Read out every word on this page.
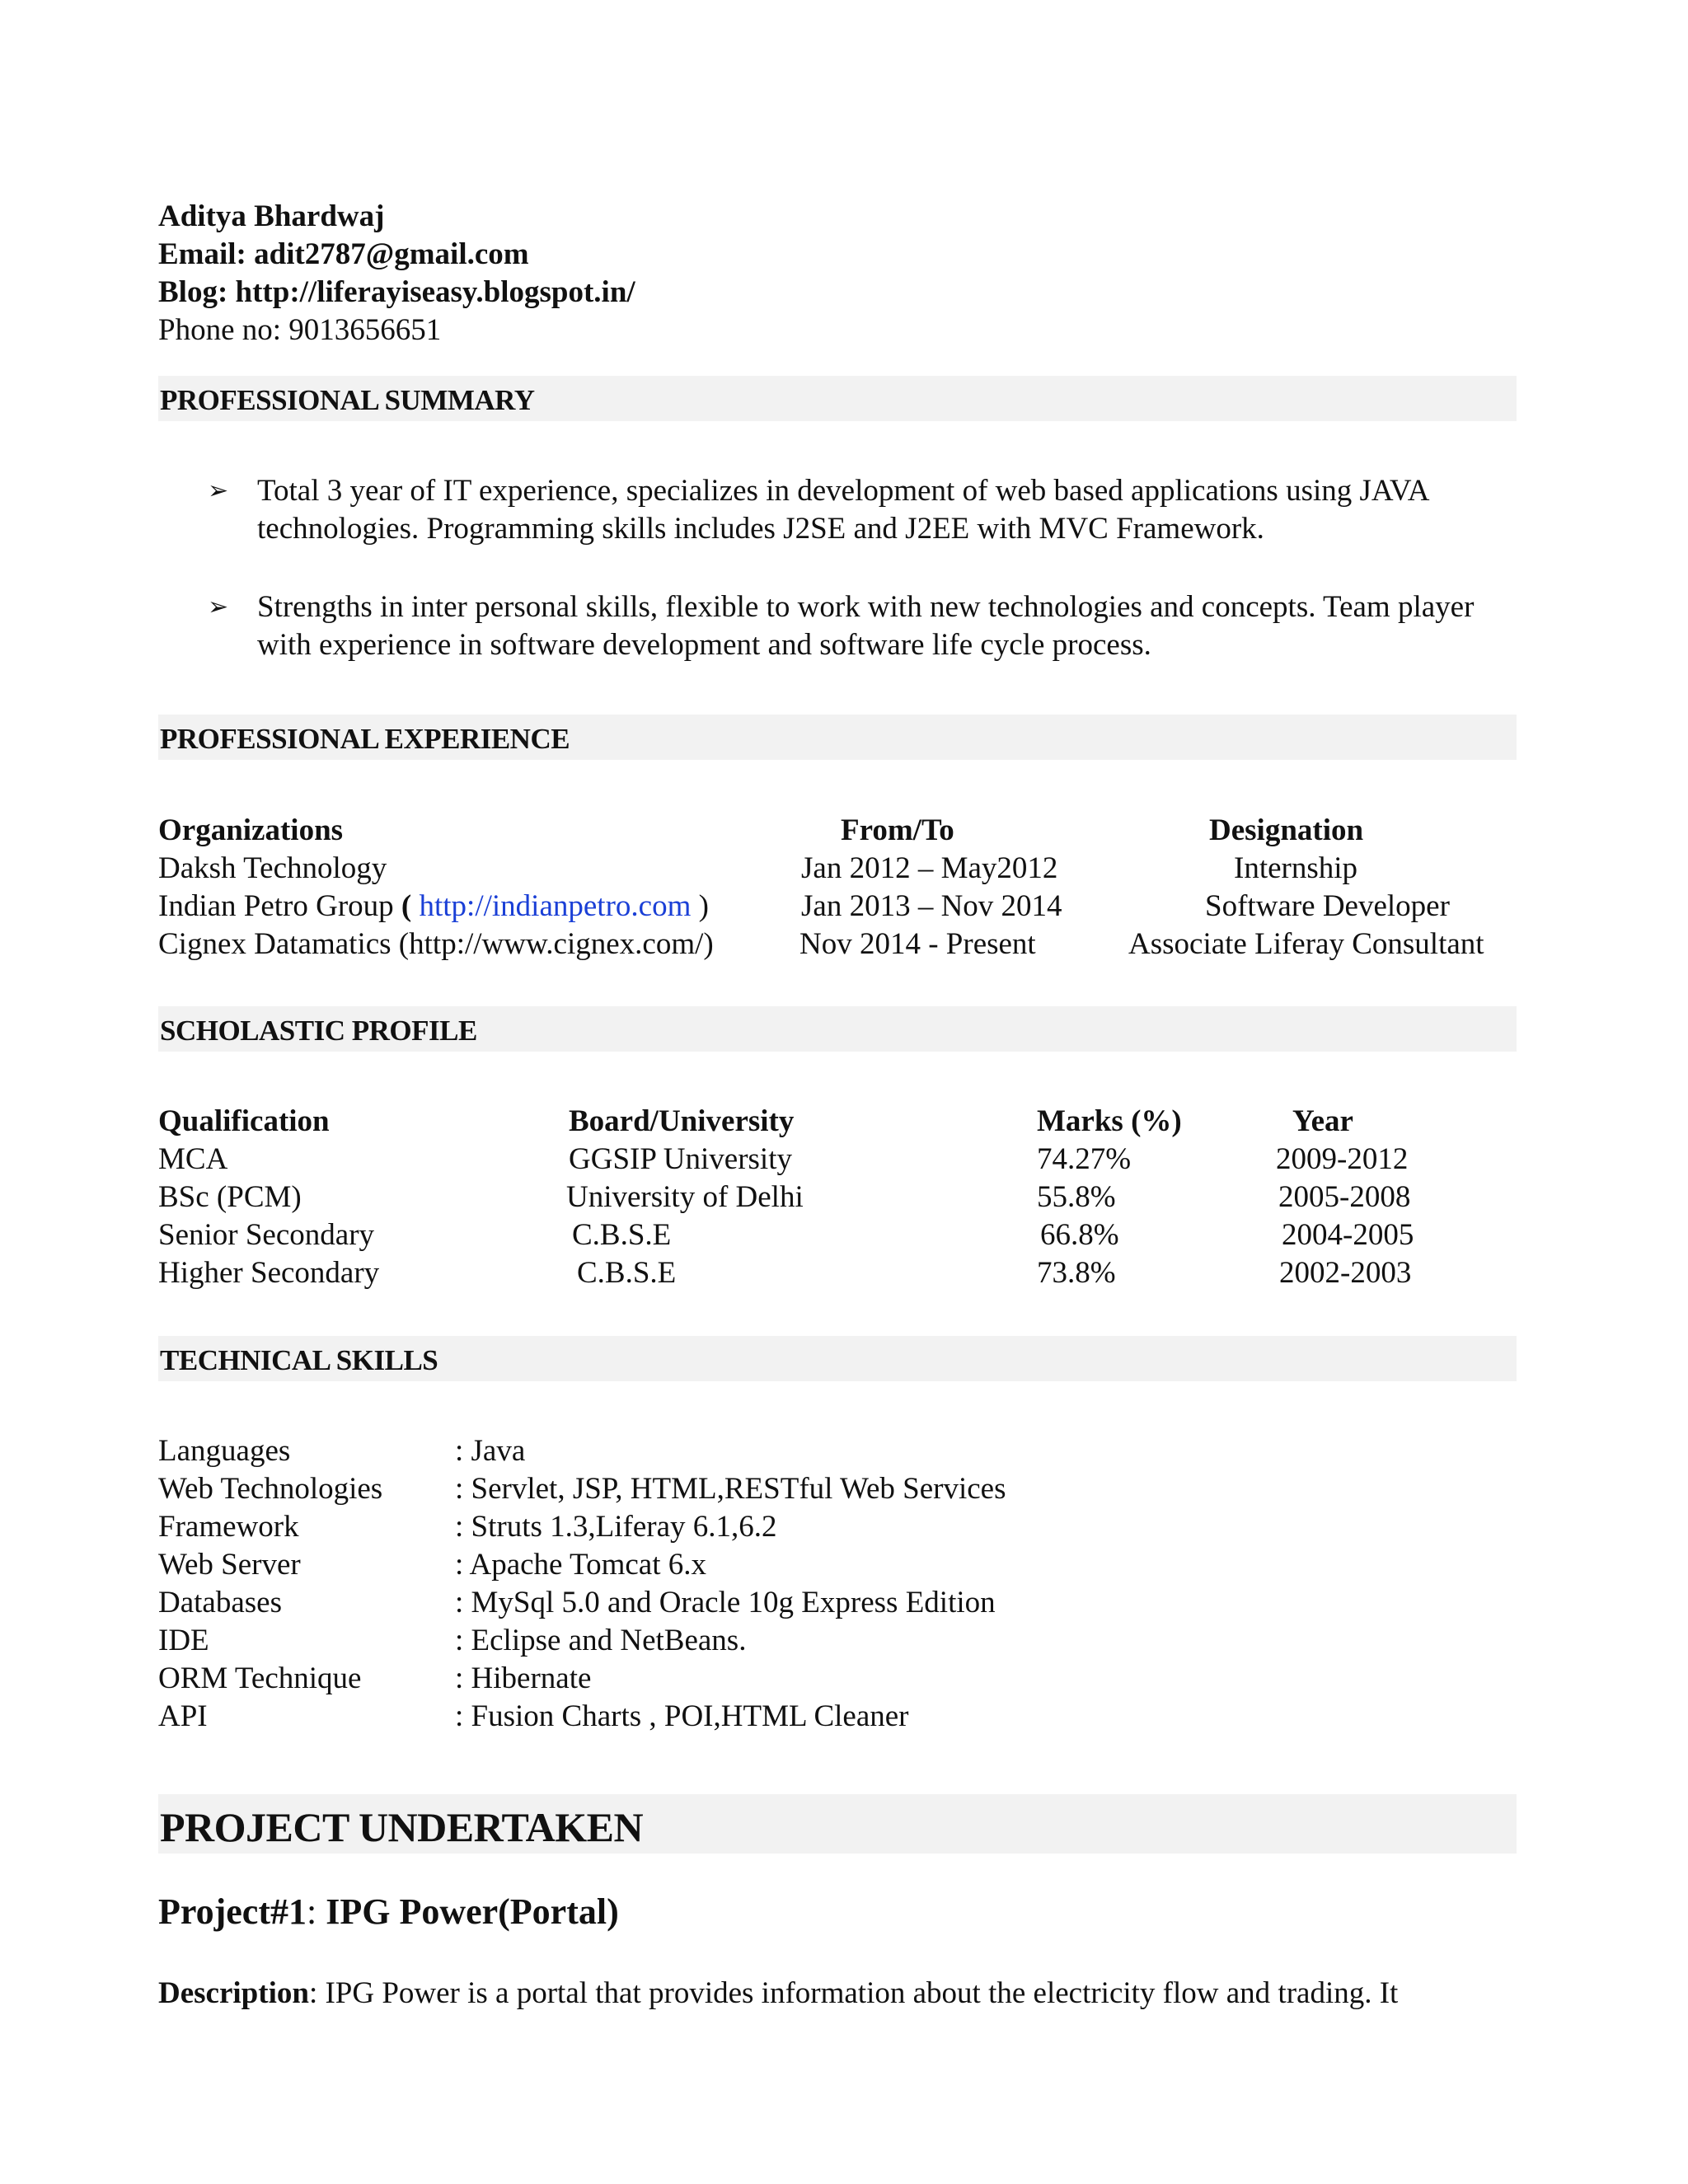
Aditya Bhardwaj
Email: adit2787@gmail.com
Blog: http://liferayiseasy.blogspot.in/
Phone no: 9013656651
PROFESSIONAL SUMMARY
➢ Total 3 year of IT experience, specializes in development of web based applications using JAVA technologies. Programming skills includes J2SE and J2EE with MVC Framework.
➢ Strengths in inter personal skills, flexible to work with new technologies and concepts. Team player with experience in software development and software life cycle process.
PROFESSIONAL EXPERIENCE
Organizations	From/To	Designation
Daksh Technology	Jan 2012 – May2012	Internship
Indian Petro Group ( http://indianpetro.com )	Jan 2013 – Nov 2014	Software Developer
Cignex Datamatics (http://www.cignex.com/)	Nov 2014 - Present	Associate Liferay Consultant
SCHOLASTIC PROFILE
Qualification	Board/University	Marks (%)	Year
MCA	GGSIP University	74.27%	2009-2012
BSc (PCM)	University of Delhi	55.8%	2005-2008
Senior Secondary	C.B.S.E	66.8%	2004-2005
Higher Secondary	C.B.S.E	73.8%	2002-2003
TECHNICAL SKILLS
Languages	: Java
Web Technologies : Servlet, JSP, HTML,RESTful Web Services
Framework	: Struts 1.3,Liferay 6.1,6.2
Web Server	: Apache Tomcat 6.x
Databases	: MySql 5.0 and Oracle 10g Express Edition
IDE	: Eclipse and NetBeans.
ORM Technique	: Hibernate
API	: Fusion Charts , POI,HTML Cleaner
PROJECT UNDERTAKEN
Project#1: IPG Power(Portal)
Description: IPG Power is a portal that provides information about the electricity flow and trading. It
